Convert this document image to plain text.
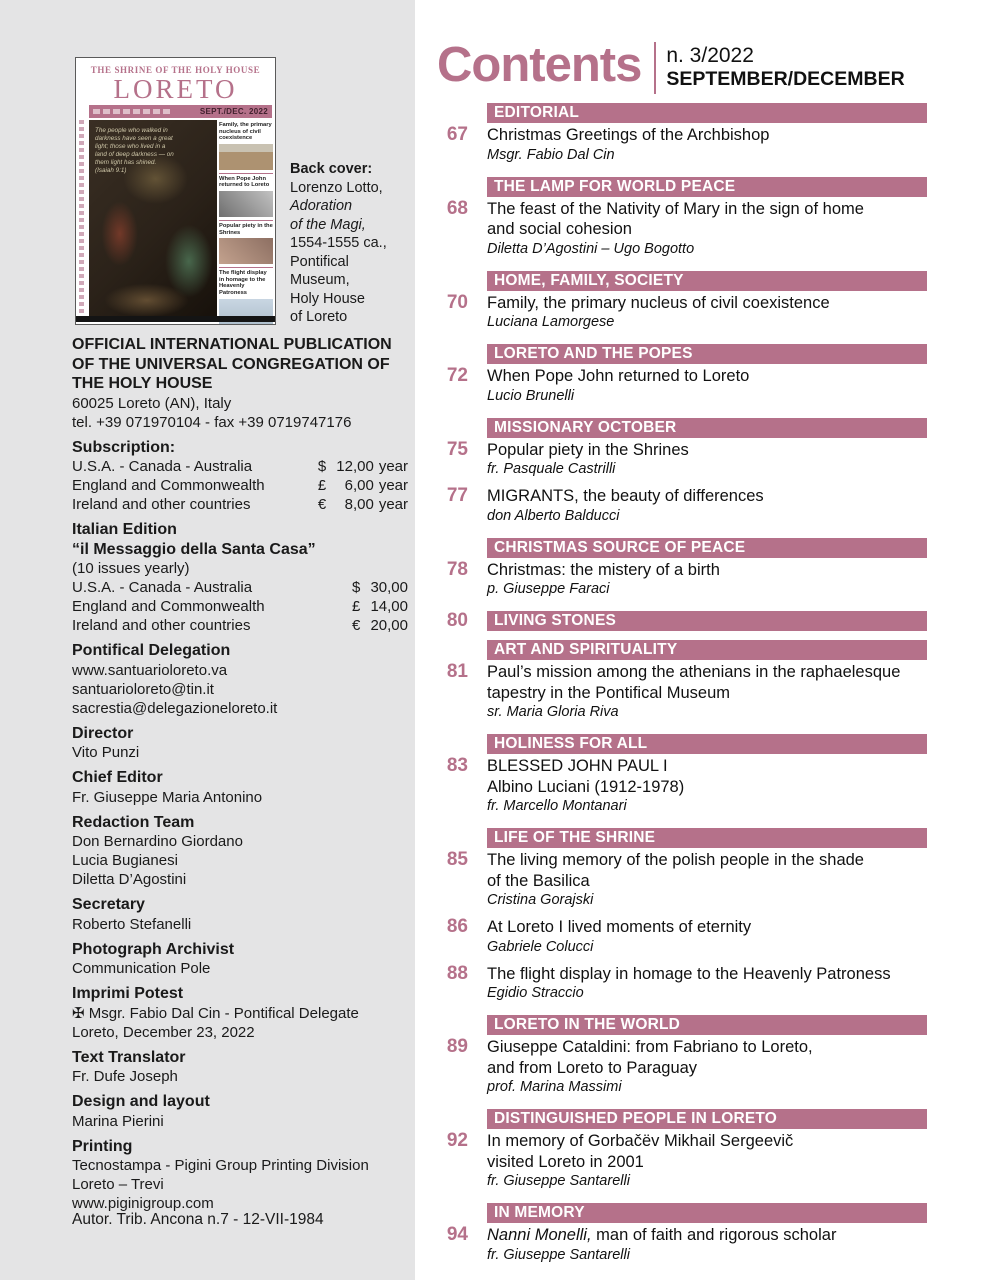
THE SHRINE OF THE HOLY HOUSE
LORETO
SEPT./DEC. 2022
The people who walked in darkness have seen a great light; those who lived in a land of deep darkness — on them light has shined. (Isaiah 9:1)
Family, the primary nucleus of civil coexistence
When Pope John returned to Loreto
Popular piety in the Shrines
The flight display in homage to the Heavenly Patroness
Back cover:
Lorenzo Lotto,
Adoration
of the Magi,
1554-1555 ca.,
Pontifical
Museum,
Holy House
of Loreto
OFFICIAL INTERNATIONAL PUBLICATION OF THE UNIVERSAL CONGREGATION OF THE HOLY HOUSE
60025 Loreto (AN), Italy
tel. +39 071970104 - fax +39 0719747176
Subscription:
U.S.A. - Canada - Australia	$ 12,00 year
England and Commonwealth	£	6,00 year
Ireland and other countries	€	8,00 year
Italian Edition
“il Messaggio della Santa Casa”
(10 issues yearly)
U.S.A. - Canada - Australia	$ 30,00
England and Commonwealth	£ 14,00
Ireland and other countries	€ 20,00
Pontifical Delegation
www.santuarioloreto.va
santuarioloreto@tin.it
sacrestia@delegazioneloreto.it
Director
Vito Punzi
Chief Editor
Fr. Giuseppe Maria Antonino
Redaction Team
Don Bernardino Giordano
Lucia Bugianesi
Diletta D’Agostini
Secretary
Roberto Stefanelli
Photograph Archivist
Communication Pole
Imprimi Potest
✠ Msgr. Fabio Dal Cin - Pontifical Delegate
Loreto, December 23, 2022
Text Translator
Fr. Dufe Joseph
Design and layout
Marina Pierini
Printing
Tecnostampa - Pigini Group Printing Division
Loreto – Trevi
www.piginigroup.com
Autor. Trib. Ancona n.7 - 12-VII-1984
Contents n. 3/2022
SEPTEMBER/DECEMBER
EDITORIAL
67	Christmas Greetings of the Archbishop
Msgr. Fabio Dal Cin
THE LAMP FOR WORLD PEACE
68	The feast of the Nativity of Mary in the sign of home
and social cohesion
Diletta D’Agostini – Ugo Bogotto
HOME, FAMILY, SOCIETY
70	Family, the primary nucleus of civil coexistence
Luciana Lamorgese
LORETO AND THE POPES
72	When Pope John returned to Loreto
Lucio Brunelli
MISSIONARY OCTOBER
75	Popular piety in the Shrines
fr. Pasquale Castrilli
77	MIGRANTS, the beauty of differences
don Alberto Balducci
CHRISTMAS SOURCE OF PEACE
78	Christmas: the mistery of a birth
p. Giuseppe Faraci
80	LIVING STONES
ART AND SPIRITUALITY
81	Paul’s mission among the athenians in the raphaelesque
tapestry in the Pontifical Museum
sr. Maria Gloria Riva
HOLINESS FOR ALL
83	BLESSED JOHN PAUL I
Albino Luciani (1912-1978)
fr. Marcello Montanari
LIFE OF THE SHRINE
85	The living memory of the polish people in the shade
of the Basilica
Cristina Gorajski
86	At Loreto I lived moments of eternity
Gabriele Colucci
88	The flight display in homage to the Heavenly Patroness
Egidio Straccio
LORETO IN THE WORLD
89	Giuseppe Cataldini: from Fabriano to Loreto,
and from Loreto to Paraguay
prof. Marina Massimi
DISTINGUISHED PEOPLE IN LORETO
92	In memory of Gorbačëv Mikhail Sergeevič
visited Loreto in 2001
fr. Giuseppe Santarelli
IN MEMORY
94	Nanni Monelli, man of faith and rigorous scholar
fr. Giuseppe Santarelli
